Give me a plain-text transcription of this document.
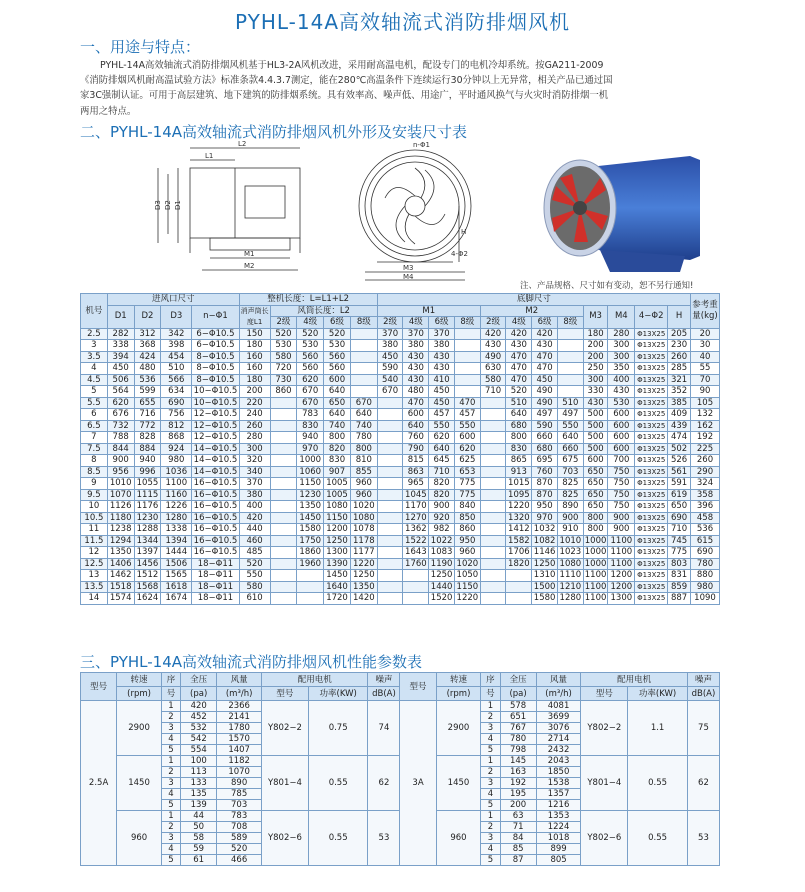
PYHL-14A高效轴流式消防排烟风机
一、用途与特点：
PYHL-14A高效轴流式消防排烟风机基于HL3-2A风机改进，采用耐高温电机，配设专门的电机冷却系统。按GA211-2009
《消防排烟风机耐高温试验方法》标准条款4.4.3.7测定，能在280℃高温条件下连续运行30分钟以上无异常，相关产品已通过国
家3C强制认证。可用于高层建筑、地下建筑的防排烟系统。具有效率高、噪声低、用途广，平时通风换气与火灾时消防排烟一机
两用之特点。
二、PYHL-14A高效轴流式消防排烟风机外形及安装尺寸表
L2
L1
D3 D2 D1
M1
M2
n-Φ1
H
M3
M4
4-Φ2
注、产品规格、尺寸如有变动，恕不另行通知!
机号	进风口尺寸				整机长度：L=L1+L2					底脚尺寸												参考重量(kg)
	D1	D2	D3	n−Φ1	消声筒长度L1	风筒长度：L2				M1				M2				M3	M4	4−Φ2	H	
						2级	4级	6级	8级	2级	4级	6级	8级	2级	4级	6级	8级					
2.5	282	312	342	6−Φ10.5	150	520	520	520		370	370	370		420	420	420		180	280	Φ13X25	205	20
3	338	368	398	6−Φ10.5	180	530	530	530		380	380	380		430	430	430		200	300	Φ13X25	230	30
3.5	394	424	454	8−Φ10.5	160	580	560	560		450	430	430		490	470	470		200	300	Φ13X25	260	40
4	450	480	510	8−Φ10.5	160	720	560	560		590	430	430		630	470	470		250	350	Φ13X25	285	55
4.5	506	536	566	8−Φ10.5	180	730	620	600		540	430	410		580	470	450		300	400	Φ13X25	321	70
5	564	599	634	10−Φ10.5	200	860	670	640		670	480	450		710	520	490		330	430	Φ13X25	352	90
5.5	620	655	690	10−Φ10.5	220		670	650	670		470	450	470		510	490	510	430	530	Φ13X25	385	105
6	676	716	756	12−Φ10.5	240		783	640	640		600	457	457		640	497	497	500	600	Φ13X25	409	132
6.5	732	772	812	12−Φ10.5	260		830	740	740		640	550	550		680	590	550	500	600	Φ13X25	439	162
7	788	828	868	12−Φ10.5	280		940	800	780		760	620	600		800	660	640	500	600	Φ13X25	474	192
7.5	844	884	924	14−Φ10.5	300		970	820	800		790	640	620		830	680	660	500	600	Φ13X25	502	225
8	900	940	980	14−Φ10.5	320		1000	830	810		815	645	625		865	695	675	600	700	Φ13X25	526	260
8.5	956	996	1036	14−Φ10.5	340		1060	907	855		863	710	653		913	760	703	650	750	Φ13X25	561	290
9	1010	1055	1100	16−Φ10.5	370		1150	1005	960		965	820	775		1015	870	825	650	750	Φ13X25	591	324
9.5	1070	1115	1160	16−Φ10.5	380		1230	1005	960		1045	820	775		1095	870	825	650	750	Φ13X25	619	358
10	1126	1176	1226	16−Φ10.5	400		1350	1080	1020		1170	900	840		1220	950	890	650	750	Φ13X25	650	396
10.5	1180	1230	1280	16−Φ10.5	420		1450	1150	1080		1270	920	850		1320	970	900	800	900	Φ13X25	690	458
11	1238	1288	1338	16−Φ10.5	440		1580	1200	1078		1362	982	860		1412	1032	910	800	900	Φ13X25	710	536
11.5	1294	1344	1394	16−Φ10.5	460		1750	1250	1178		1522	1022	950		1582	1082	1010	1000	1100	Φ13X25	745	615
12	1350	1397	1444	16−Φ10.5	485		1860	1300	1177		1643	1083	960		1706	1146	1023	1000	1100	Φ13X25	775	690
12.5	1406	1456	1506	18−Φ11	520		1960	1390	1220		1760	1190	1020		1820	1250	1080	1000	1100	Φ13X25	803	780
13	1462	1512	1565	18−Φ11	550			1450	1250			1250	1050			1310	1110	1100	1200	Φ13X25	831	880
13.5	1518	1568	1618	18−Φ11	580			1640	1350			1440	1150			1500	1210	1100	1200	Φ13X25	859	980
14	1574	1624	1674	18−Φ11	610			1720	1420			1520	1220			1580	1280	1100	1300	Φ13X25	887	1090
三、PYHL-14A高效轴流式消防排烟风机性能参数表
型号	转速	序	全压	风量	配用电机		噪声	型号	转速	序	全压	风量	配用电机		噪声
	(rpm)	号	(pa)	(m³/h)	型号	功率(KW)	dB(A)		(rpm)	号	(pa)	(m³/h)	型号	功率(KW)	dB(A)
2.5A	2900	1	420	2366	Y802−2	0.75	74	3A	2900	1	578	4081	Y802−2	1.1	75
		2	452	2141						2	651	3699			
		3	532	1780						3	767	3076			
		4	542	1570						4	780	2714			
		5	554	1407						5	798	2432			
	1450	1	100	1182	Y801−4	0.55	62		1450	1	145	2043	Y801−4	0.55	62
		2	113	1070						2	163	1850			
		3	133	890						3	192	1538			
		4	135	785						4	195	1357			
		5	139	703						5	200	1216			
	960	1	44	783	Y802−6	0.55	53		960	1	63	1353	Y802−6	0.55	53
		2	50	708						2	71	1224			
		3	58	589						3	84	1018			
		4	59	520						4	85	899			
		5	61	466						5	87	805			
